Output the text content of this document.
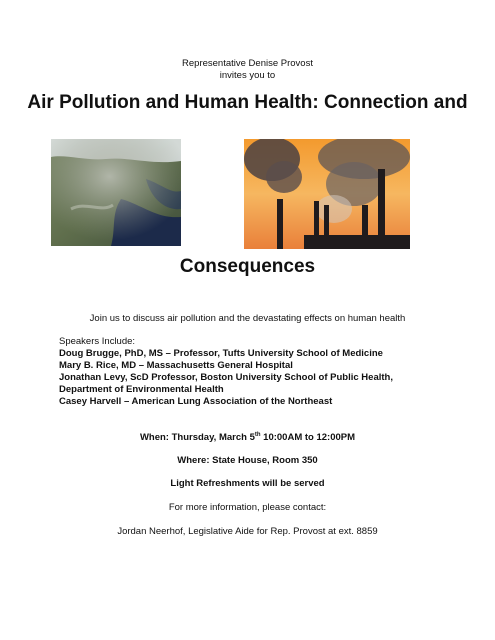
Representative Denise Provost
invites you to
Air Pollution and Human Health: Connection and
Consequences
Join us to discuss air pollution and the devastating effects on human health
Speakers Include:
Doug Brugge, PhD, MS – Professor, Tufts University School of Medicine
Mary B. Rice, MD – Massachusetts General Hospital
Jonathan Levy, ScD Professor, Boston University School of Public Health, Department of Environmental Health
Casey Harvell – American Lung Association of the Northeast
When: Thursday, March 5th 10:00AM to 12:00PM
Where: State House, Room 350
Light Refreshments will be served
For more information, please contact:
Jordan Neerhof, Legislative Aide for Rep. Provost at ext. 8859
